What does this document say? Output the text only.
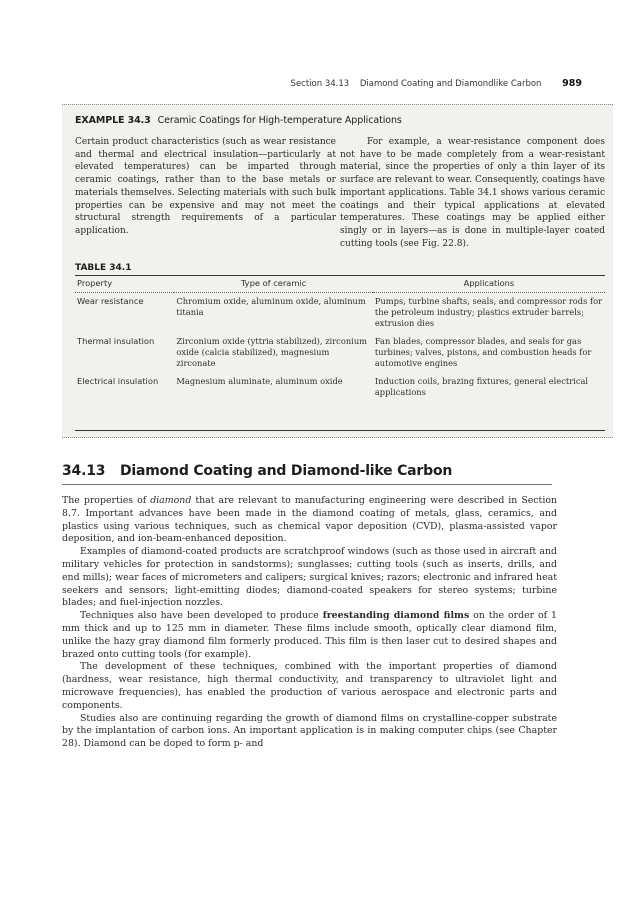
Section 34.13 Diamond Coating and Diamondlike Carbon 989
EXAMPLE 34.3 Ceramic Coatings for High-temperature Applications
Certain product characteristics (such as wear resistance and thermal and electrical insulation—particularly at elevated temperatures) can be imparted through ceramic coatings, rather than to the base metals or materials themselves. Selecting materials with such bulk properties can be expensive and may not meet the structural strength requirements of a particular application.
For example, a wear-resistance component does not have to be made completely from a wear-resistant material, since the properties of only a thin layer of its surface are relevant to wear. Consequently, coatings have important applications. Table 34.1 shows various ceramic coatings and their typical applications at elevated temperatures. These coatings may be applied either singly or in layers—as is done in multiple-layer coated cutting tools (see Fig. 22.8).
TABLE 34.1
Property	Type of ceramic	Applications
Wear resistance	Chromium oxide, aluminum oxide, aluminum titania	Pumps, turbine shafts, seals, and compressor rods for the petroleum industry; plastics extruder barrels; extrusion dies
Thermal insulation	Zirconium oxide (yttria stabilized), zirconium oxide (calcia stabilized), magnesium zirconate	Fan blades, compressor blades, and seals for gas turbines; valves, pistons, and combustion heads for automotive engines
Electrical insulation	Magnesium aluminate, aluminum oxide	Induction coils, brazing fixtures, general electrical applications

34.13 Diamond Coating and Diamond-like Carbon

The properties of diamond that are relevant to manufacturing engineering were described in Section 8.7. Important advances have been made in the diamond coating of metals, glass, ceramics, and plastics using various techniques, such as chemical vapor deposition (CVD), plasma-assisted vapor deposition, and ion-beam-enhanced deposition.

Examples of diamond-coated products are scratchproof windows (such as those used in aircraft and military vehicles for protection in sandstorms); sunglasses; cutting tools (such as inserts, drills, and end mills); wear faces of micrometers and calipers; surgical knives; razors; electronic and infrared heat seekers and sensors; light-emitting diodes; diamond-coated speakers for stereo systems; turbine blades; and fuel-injection nozzles.

Techniques also have been developed to produce freestanding diamond films on the order of 1 mm thick and up to 125 mm in diameter. These films include smooth, optically clear diamond film, unlike the hazy gray diamond film formerly produced. This film is then laser cut to desired shapes and brazed onto cutting tools (for example).

The development of these techniques, combined with the important properties of diamond (hardness, wear resistance, high thermal conductivity, and transparency to ultraviolet light and microwave frequencies), has enabled the production of various aerospace and electronic parts and components.

Studies also are continuing regarding the growth of diamond films on crystalline-copper substrate by the implantation of carbon ions. An important application is in making computer chips (see Chapter 28). Diamond can be doped to form p- and
